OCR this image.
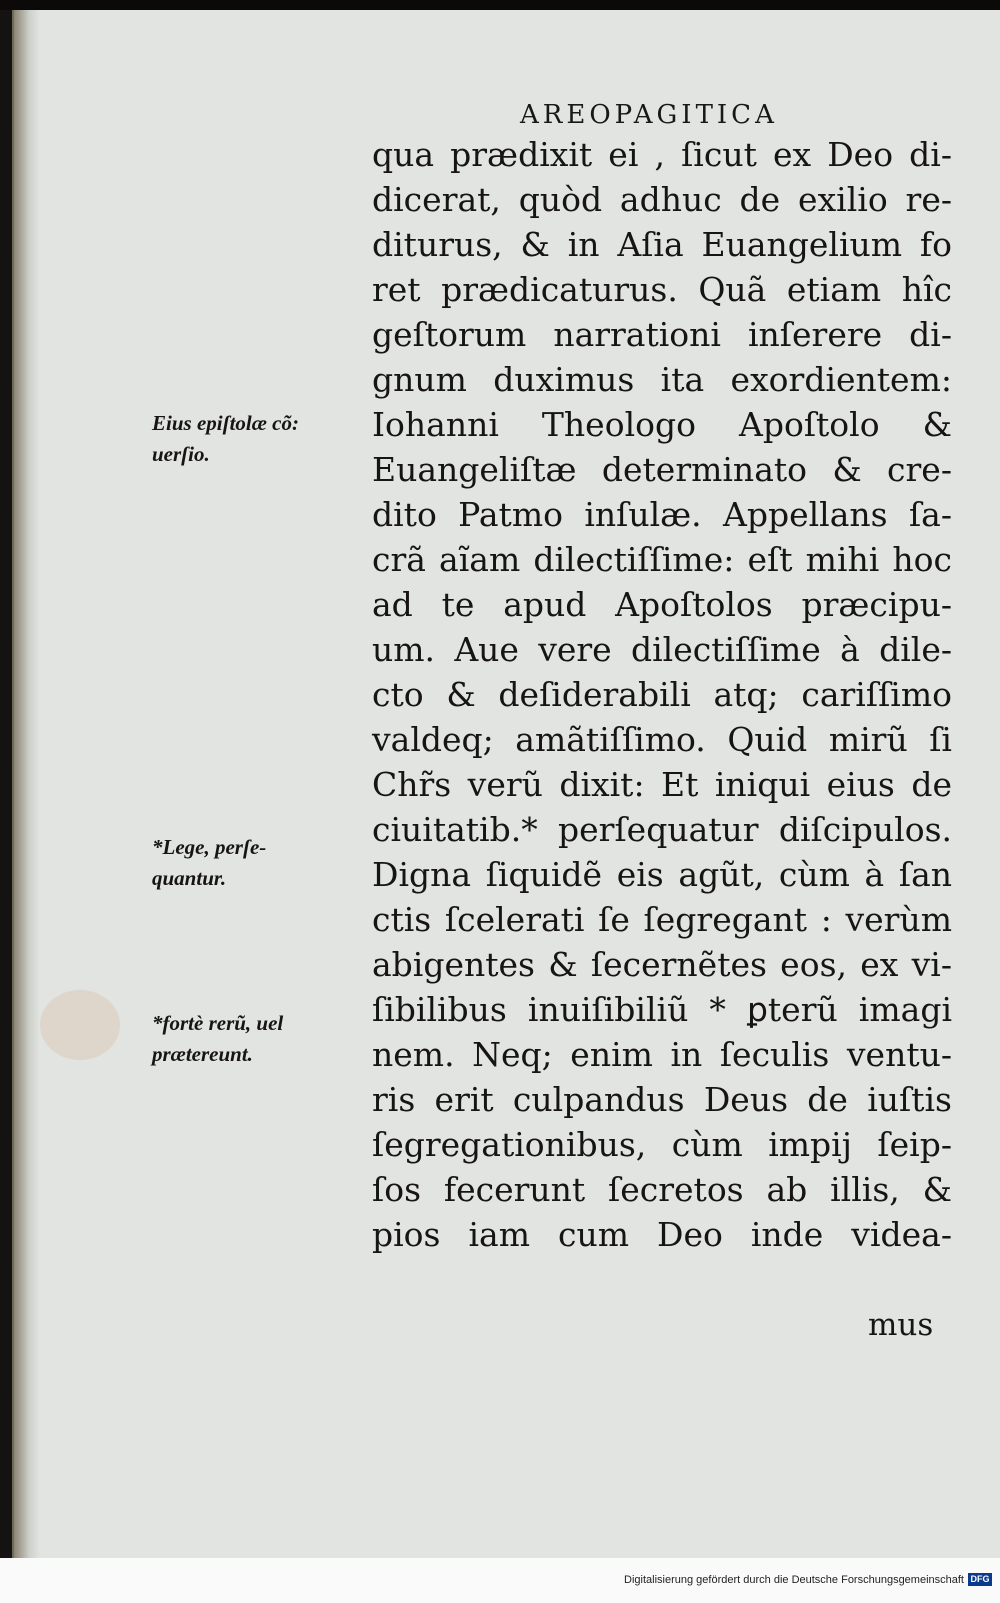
AREOPAGITICA
qua prædixit ei , ſicut ex Deo di-
dicerat, quòd adhuc de exilio re-
diturus, & in Aſia Euangelium fo
ret prædicaturus. Quã etiam hîc
geſtorum narrationi inſerere di-
gnum duximus ita exordientem:
Iohanni Theologo Apoſtolo &
Euangeliſtæ determinato & cre-
dito Patmo inſulæ. Appellans ſa-
crã aĩam dilectiſſime: eſt mihi hoc
ad te apud Apoſtolos præcipu-
um. Aue vere dilectiſſime à dile-
cto & deſiderabili atq; cariſſimo
valdeq; amãtiſſimo. Quid mirũ ſi
Chr̃s verũ dixit: Et iniqui eius de
ciuitatib.* perſequatur diſcipulos.
Digna ſiquidẽ eis agũt, cùm à ſan
ctis ſcelerati ſe ſegregant : verùm
abigentes & ſecernẽtes eos, ex vi-
ſibilibus inuiſibiliũ * ꝑterũ imagi
nem. Neq; enim in ſeculis ventu-
ris erit culpandus Deus de iuſtis
ſegregationibus, cùm impij ſeip-
ſos fecerunt ſecretos ab illis, &
pios iam cum Deo inde videa-
mus
Eius epiſtolæ cõ:
uerſio.
*Lege, perſe-
quantur.
*fortè rerũ, uel
prætereunt.
Digitalisierung gefördert durch die Deutsche Forschungsgemeinschaft DFG
